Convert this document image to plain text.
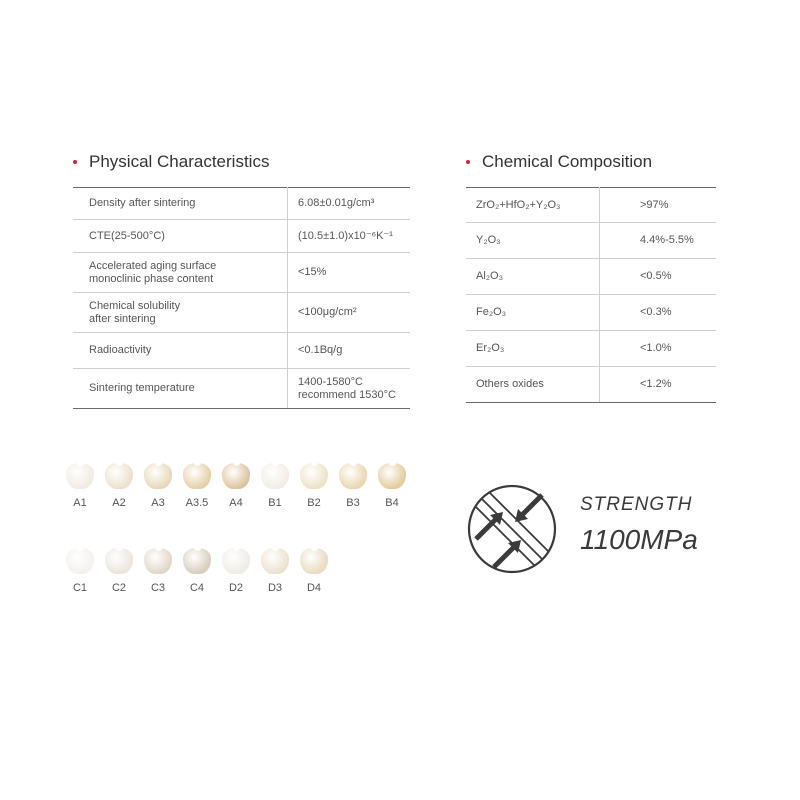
Physical Characteristics
Density after sintering	6.08±0.01g/cm³

CTE(25-500°C)	(10.5±1.0)x10⁻⁶K⁻¹

Accelerated aging surface
monoclinic phase content	<15%

Chemical solubility
after sintering	<100μg/cm²

Radioactivity	<0.1Bq/g

Sintering temperature	1400-1580°C
recommend 1530°C
Chemical Composition
ZrO₂+HfO₂+Y₂O₃	>97%
Y₂O₃	4.4%-5.5%
Al₂O₃	<0.5%
Fe₂O₃	<0.3%
Er₂O₃	<1.0%
Others oxides	<1.2%
A1	A2	A3	A3.5	A4	B1	B2	B3	B4
C1	C2	C3	C4	D2	D3	D4
STRENGTH
1100MPa
